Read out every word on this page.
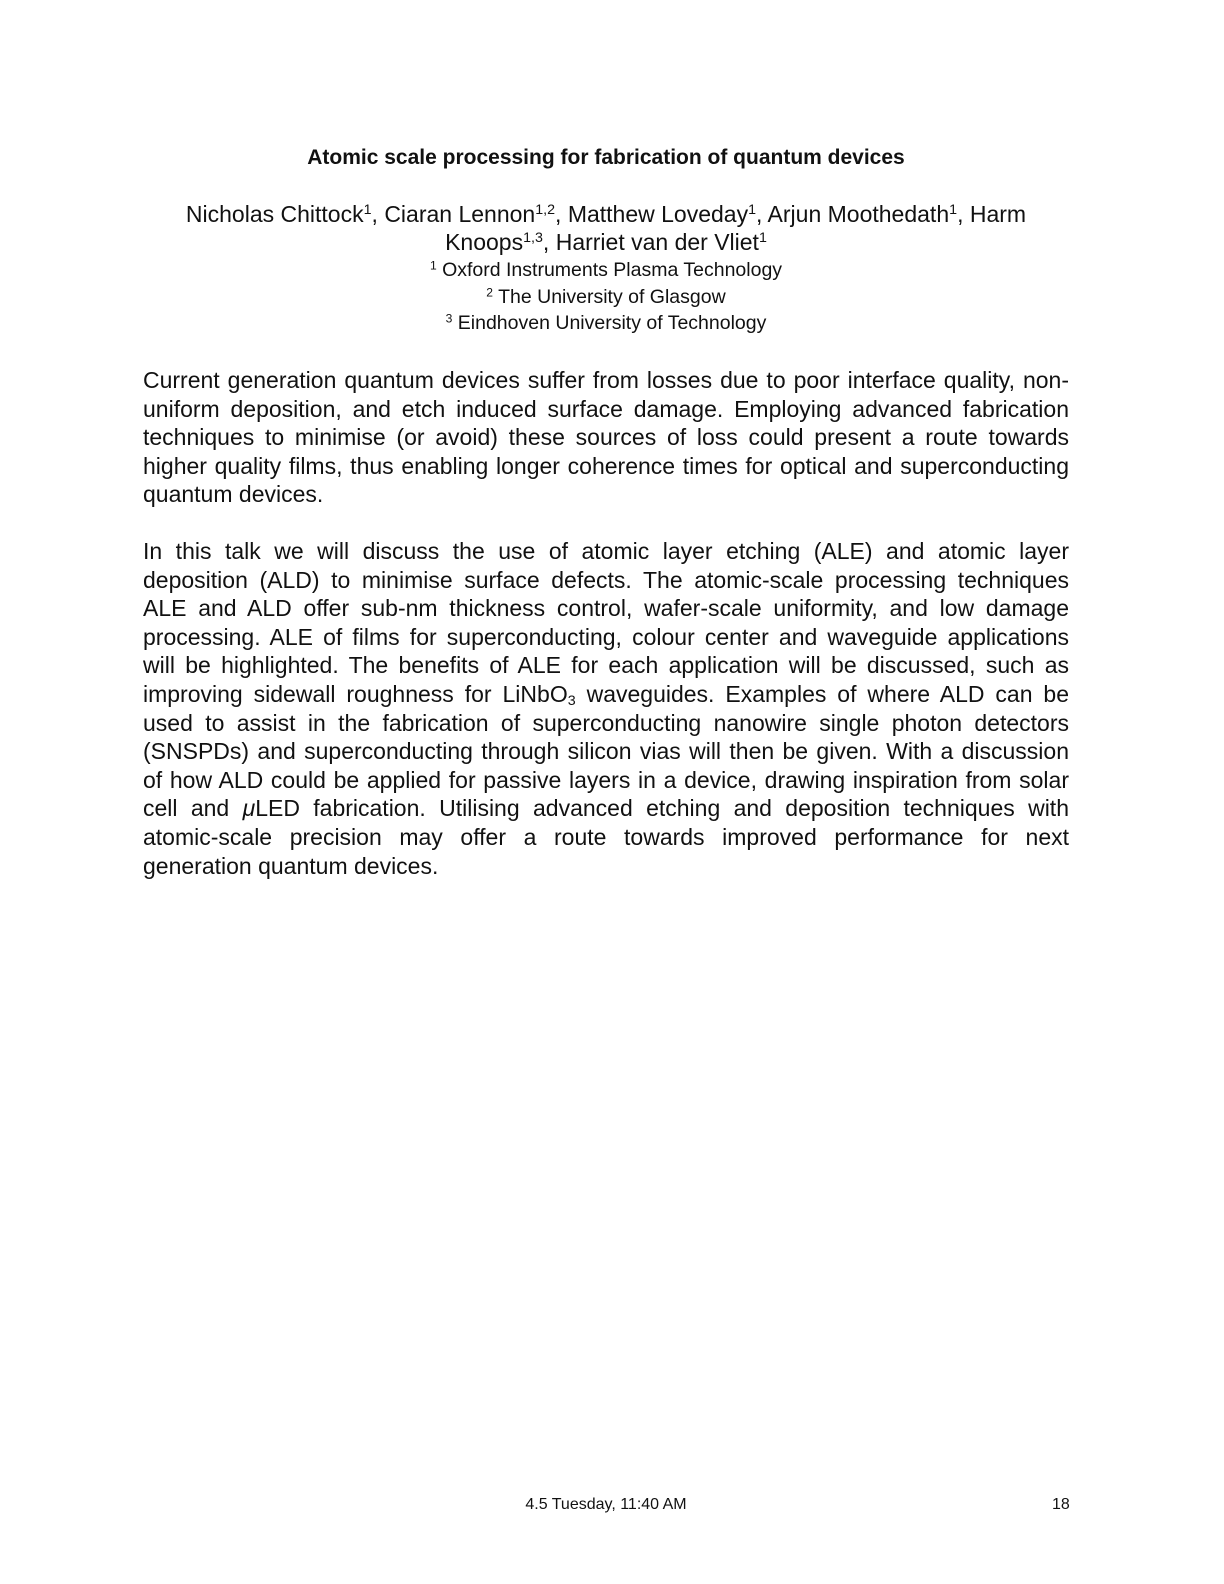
Atomic scale processing for fabrication of quantum devices
Nicholas Chittock$^1$, Ciaran Lennon$^{1,2}$, Matthew Loveday$^1$, Arjun Moothedath$^1$, Harm Knoops$^{1,3}$, Harriet van der Vliet$^1$
$^1$ Oxford Instruments Plasma Technology
$^2$ The University of Glasgow
$^3$ Eindhoven University of Technology

Current generation quantum devices suffer from losses due to poor interface quality, non-uniform deposition, and etch induced surface damage. Employing advanced fabrication techniques to minimise (or avoid) these sources of loss could present a route towards higher quality films, thus enabling longer coherence times for optical and superconducting quantum devices.

In this talk we will discuss the use of atomic layer etching (ALE) and atomic layer deposition (ALD) to minimise surface defects. The atomic-scale processing techniques ALE and ALD offer sub-nm thickness control, wafer-scale uniformity, and low damage processing. ALE of films for superconducting, colour center and waveguide applications will be highlighted. The benefits of ALE for each application will be discussed, such as improving sidewall roughness for LiNbO$_3$ waveguides. Examples of where ALD can be used to assist in the fabrication of superconducting nanowire single photon detectors (SNSPDs) and superconducting through silicon vias will then be given. With a discussion of how ALD could be applied for passive layers in a device, drawing inspiration from solar cell and μLED fabrication. Utilising advanced etching and deposition techniques with atomic-scale precision may offer a route towards improved performance for next generation quantum devices.

4.5 Tuesday, 11:40 AM	18
